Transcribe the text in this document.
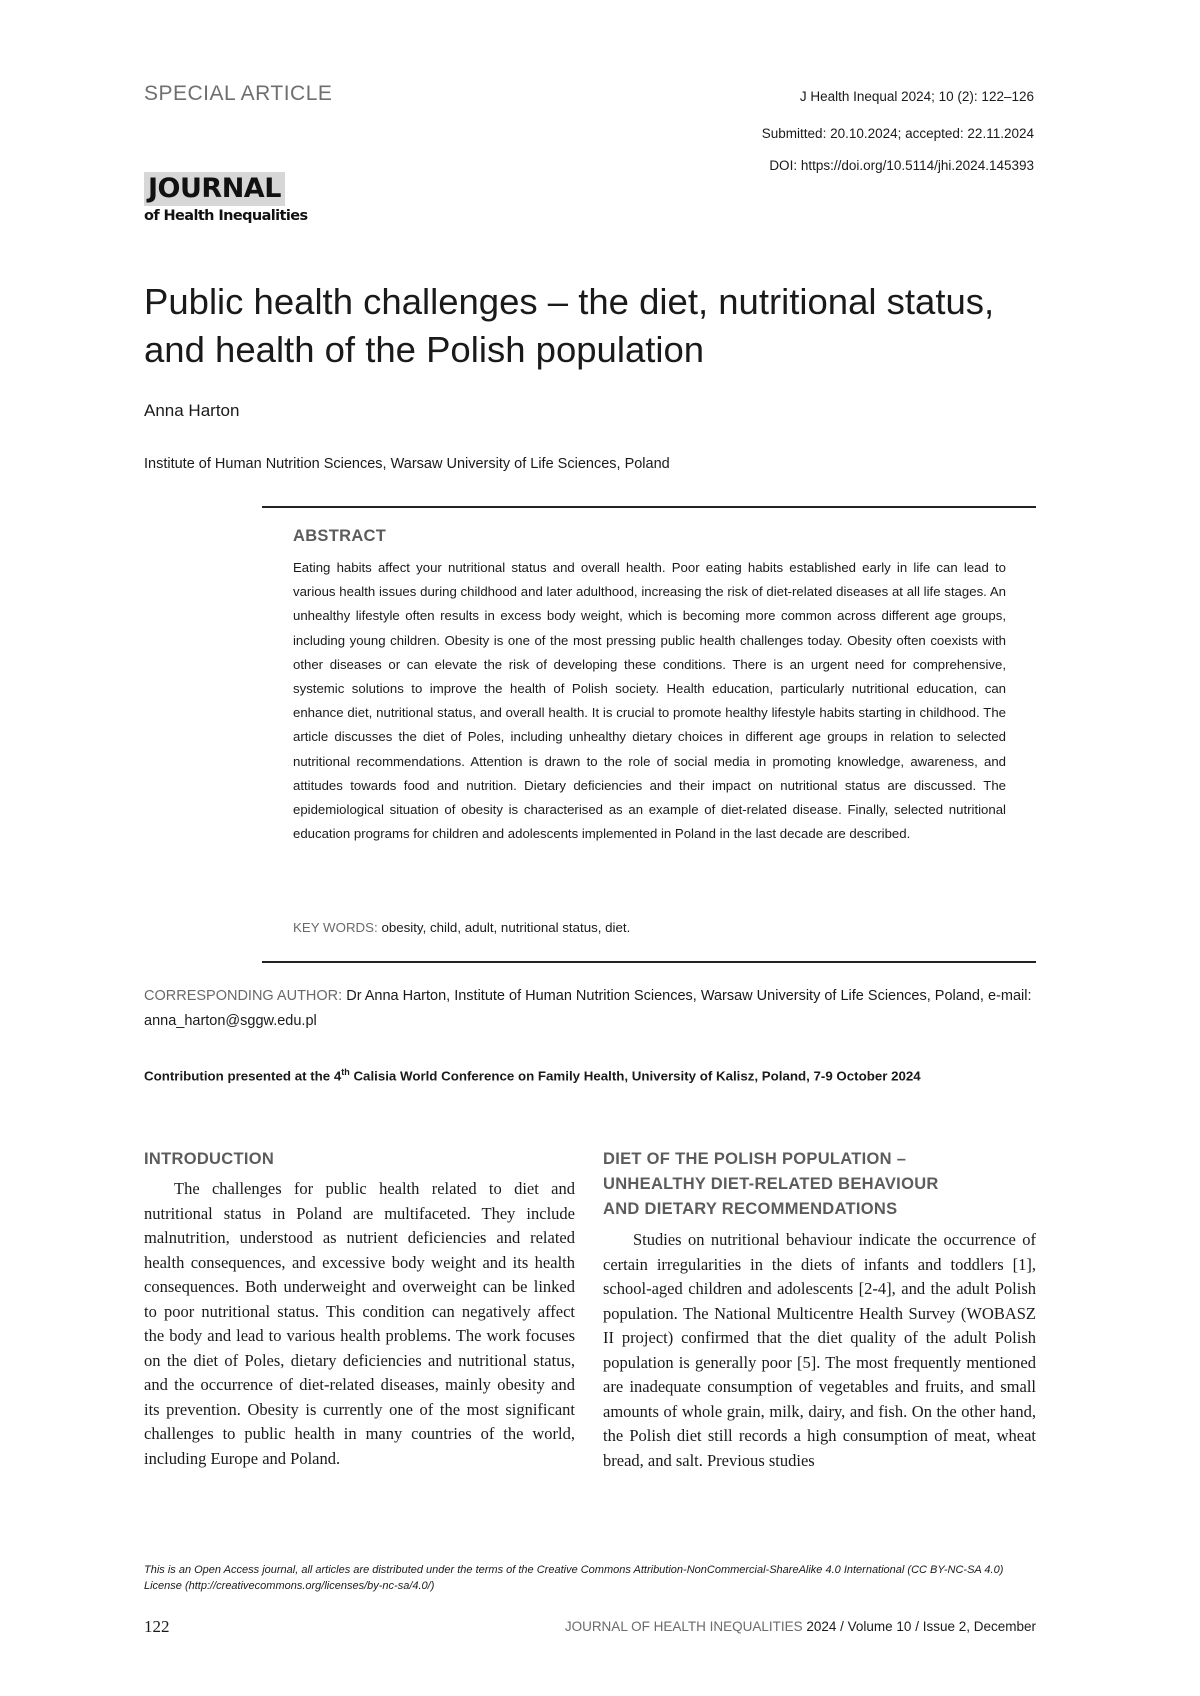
SPECIAL ARTICLE	J Health Inequal 2024; 10 (2): 122–126
Submitted: 20.10.2024; accepted: 22.11.2024
DOI: https://doi.org/10.5114/jhi.2024.145393
JOURNAL
of Health Inequalities
Public health challenges – the diet, nutritional status, and health of the Polish population
Anna Harton
Institute of Human Nutrition Sciences, Warsaw University of Life Sciences, Poland
ABSTRACT

Eating habits affect your nutritional status and overall health. Poor eating habits established early in life can lead to various health issues during childhood and later adulthood, increasing the risk of diet-related diseases at all life stages. An unhealthy lifestyle often results in excess body weight, which is becoming more common across different age groups, including young children. Obesity is one of the most pressing public health challenges today. Obesity often coexists with other diseases or can elevate the risk of developing these conditions. There is an urgent need for comprehensive, systemic solutions to improve the health of Polish society. Health education, particularly nutritional education, can enhance diet, nutritional status, and overall health. It is crucial to promote healthy lifestyle habits starting in childhood. The article discusses the diet of Poles, including unhealthy dietary choices in different age groups in relation to selected nutritional recommendations. Attention is drawn to the role of social media in promoting knowledge, awareness, and attitudes towards food and nutrition. Dietary deficiencies and their impact on nutritional status are discussed. The epidemiological situation of obesity is characterised as an example of diet-related disease. Finally, selected nutritional education programs for children and adolescents implemented in Poland in the last decade are described.

KEY WORDS: obesity, child, adult, nutritional status, diet.
CORRESPONDING AUTHOR: Dr Anna Harton, Institute of Human Nutrition Sciences, Warsaw University of Life Sciences, Poland, e-mail: anna_harton@sggw.edu.pl
Contribution presented at the 4th Calisia World Conference on Family Health, University of Kalisz, Poland, 7-9 October 2024
INTRODUCTION

The challenges for public health related to diet and nutritional status in Poland are multifaceted. They include malnutrition, understood as nutrient deficiencies and related health consequences, and excessive body weight and its health consequences. Both underweight and overweight can be linked to poor nutritional status. This condition can negatively affect the body and lead to various health problems. The work focuses on the diet of Poles, dietary deficiencies and nutritional status, and the occurrence of diet-related diseases, mainly obesity and its prevention. Obesity is currently one of the most significant challenges to public health in many countries of the world, including Europe and Poland.

DIET OF THE POLISH POPULATION –
UNHEALTHY DIET-RELATED BEHAVIOUR
AND DIETARY RECOMMENDATIONS

Studies on nutritional behaviour indicate the occurrence of certain irregularities in the diets of infants and toddlers [1], school-aged children and adolescents [2-4], and the adult Polish population. The National Multicentre Health Survey (WOBASZ II project) confirmed that the diet quality of the adult Polish population is generally poor [5]. The most frequently mentioned are inadequate consumption of vegetables and fruits, and small amounts of whole grain, milk, dairy, and fish. On the other hand, the Polish diet still records a high consumption of meat, wheat bread, and salt. Previous studies

This is an Open Access journal, all articles are distributed under the terms of the Creative Commons Attribution-NonCommercial-ShareAlike 4.0 International (CC BY-NC-SA 4.0) License (http://creativecommons.org/licenses/by-nc-sa/4.0/)
122	JOURNAL OF HEALTH INEQUALITIES 2024 / Volume 10 / Issue 2, December
